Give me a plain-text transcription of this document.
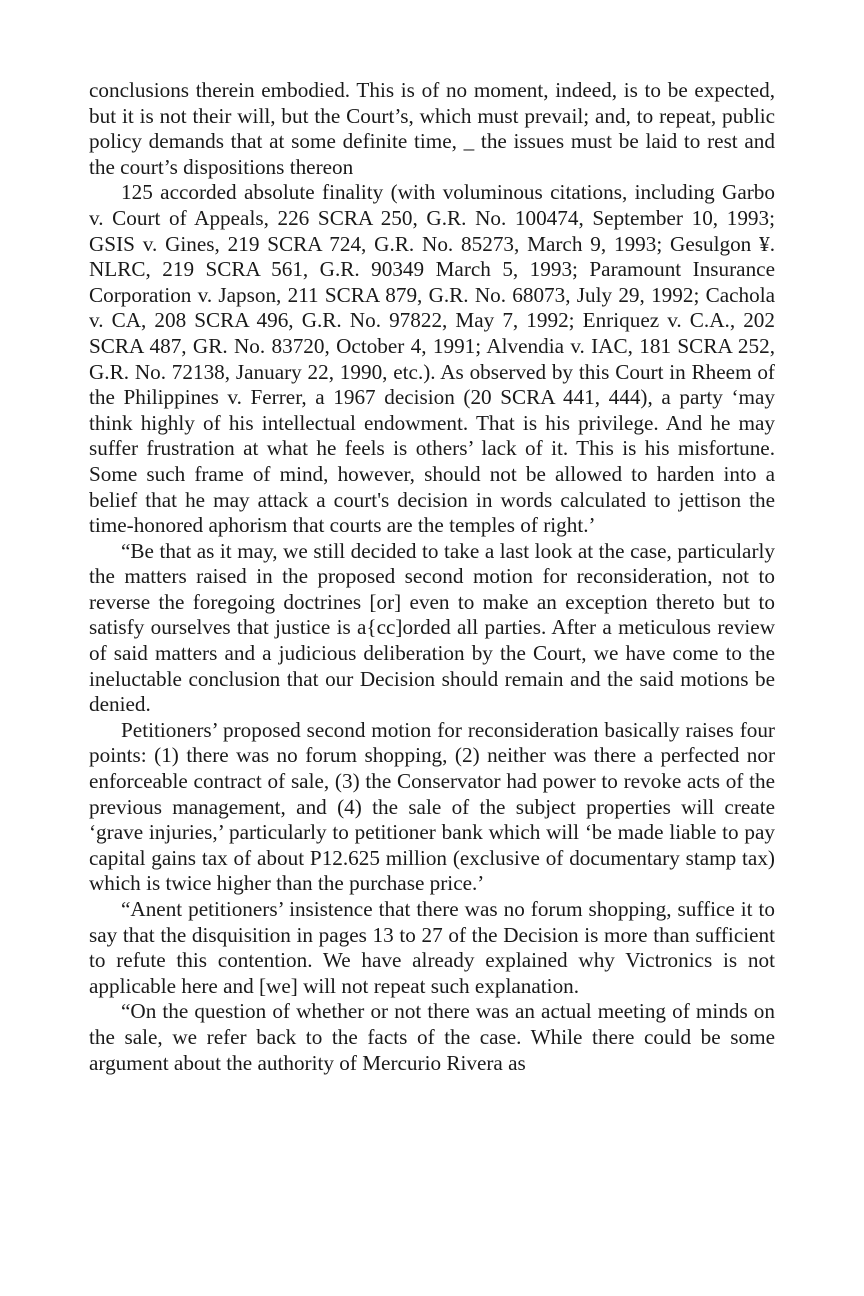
conclusions therein embodied. This is of no moment, indeed, is to be expected, but it is not their will, but the Court’s, which must prevail; and, to repeat, public policy demands that at some definite time, _ the issues must be laid to rest and the court’s dispositions thereon

125 accorded absolute finality (with voluminous citations, including Garbo v. Court of Appeals, 226 SCRA 250, G.R. No. 100474, September 10, 1993; GSIS v. Gines, 219 SCRA 724, G.R. No. 85273, March 9, 1993; Gesulgon ¥. NLRC, 219 SCRA 561, G.R. 90349 March 5, 1993; Paramount Insurance Corporation v. Japson, 211 SCRA 879, G.R. No. 68073, July 29, 1992; Cachola v. CA, 208 SCRA 496, G.R. No. 97822, May 7, 1992; Enriquez v. C.A., 202 SCRA 487, GR. No. 83720, October 4, 1991; Alvendia v. IAC, 181 SCRA 252, G.R. No. 72138, January 22, 1990, etc.). As observed by this Court in Rheem of the Philippines v. Ferrer, a 1967 decision (20 SCRA 441, 444), a party ‘may think highly of his intellectual endowment. That is his privilege. And he may suffer frustration at what he feels is others’ lack of it. This is his misfortune. Some such frame of mind, however, should not be allowed to harden into a belief that he may attack a court's decision in words calculated to jettison the time-honored aphorism that courts are the temples of right.’

“Be that as it may, we still decided to take a last look at the case, particularly the matters raised in the proposed second motion for reconsideration, not to reverse the foregoing doctrines [or] even to make an exception thereto but to satisfy ourselves that justice is a{cc]orded all parties. After a meticulous review of said matters and a judicious deliberation by the Court, we have come to the ineluctable conclusion that our Decision should remain and the said motions be denied.

Petitioners’ proposed second motion for reconsideration basically raises four points: (1) there was no forum shopping, (2) neither was there a perfected nor enforceable contract of sale, (3) the Conservator had power to revoke acts of the previous management, and (4) the sale of the subject properties will create ‘grave injuries,’ particularly to petitioner bank which will ‘be made liable to pay capital gains tax of about P12.625 million (exclusive of documentary stamp tax) which is twice higher than the purchase price.’

“Anent petitioners’ insistence that there was no forum shopping, suffice it to say that the disquisition in pages 13 to 27 of the Decision is more than sufficient to refute this contention. We have already explained why Victronics is not applicable here and [we] will not repeat such explanation.

“On the question of whether or not there was an actual meeting of minds on the sale, we refer back to the facts of the case. While there could be some argument about the authority of Mercurio Rivera as
